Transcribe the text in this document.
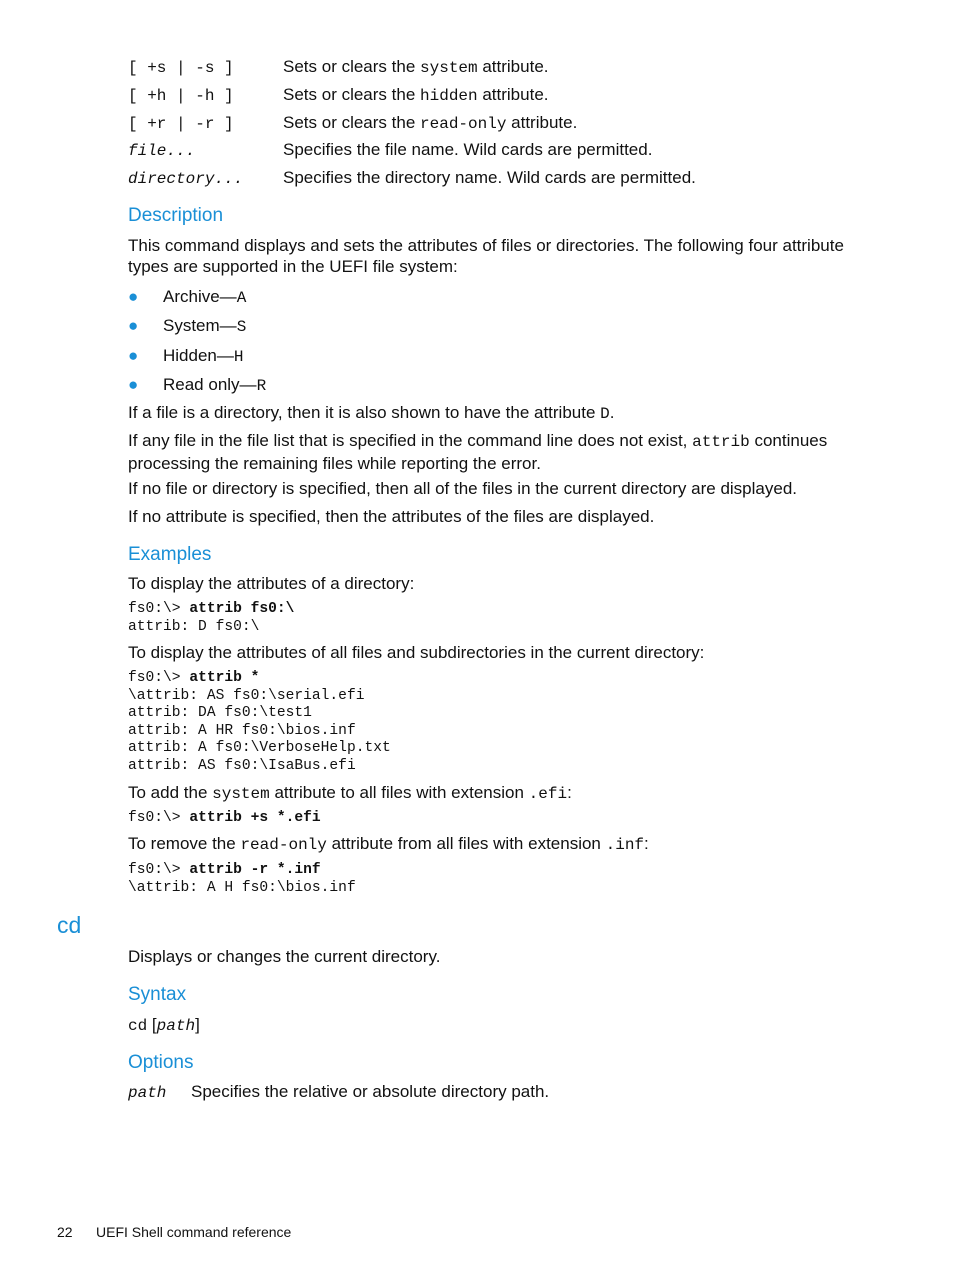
[ +s | -s ]	Sets or clears the system attribute.
[ +h | -h ]	Sets or clears the hidden attribute.
[ +r | -r ]	Sets or clears the read-only attribute.
file...	Specifies the file name. Wild cards are permitted.
directory... Specifies the directory name. Wild cards are permitted.
Description
This command displays and sets the attributes of files or directories. The following four attribute types are supported in the UEFI file system:
● Archive—A
● System—S
● Hidden—H
● Read only—R
If a file is a directory, then it is also shown to have the attribute D.
If any file in the file list that is specified in the command line does not exist, attrib continues processing the remaining files while reporting the error.
If no file or directory is specified, then all of the files in the current directory are displayed.
If no attribute is specified, then the attributes of the files are displayed.
Examples
To display the attributes of a directory:
fs0:\> attrib fs0:\
attrib: D fs0:\
To display the attributes of all files and subdirectories in the current directory:
fs0:\> attrib *
\attrib: AS fs0:\serial.efi
attrib: DA fs0:\test1
attrib: A HR fs0:\bios.inf
attrib: A fs0:\VerboseHelp.txt
attrib: AS fs0:\IsaBus.efi
To add the system attribute to all files with extension .efi:
fs0:\> attrib +s *.efi
To remove the read-only attribute from all files with extension .inf:
fs0:\> attrib -r *.inf
\attrib: A H fs0:\bios.inf
cd
Displays or changes the current directory.
Syntax
cd [path]
Options
path Specifies the relative or absolute directory path.
22 UEFI Shell command reference
